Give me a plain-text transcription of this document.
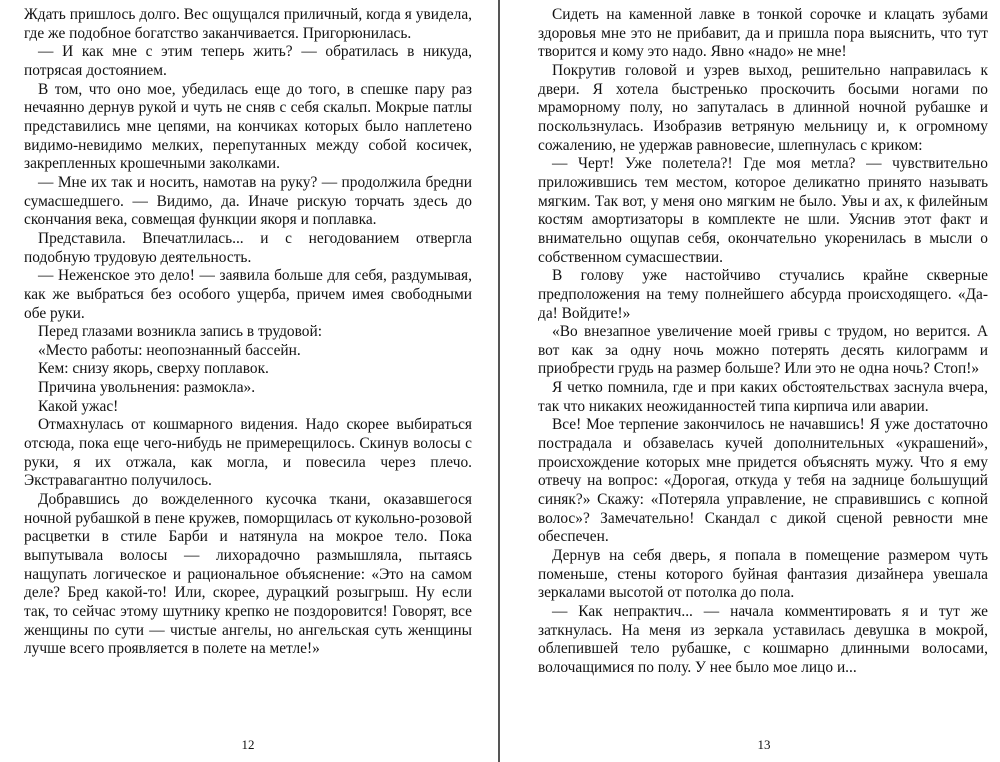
Ждать пришлось долго. Вес ощущался приличный, когда я увидела, где же подобное богатство заканчивается. Пригорюнилась.

— И как мне с этим теперь жить? — обратилась в никуда, потрясая достоянием.

В том, что оно мое, убедилась еще до того, в спешке пару раз нечаянно дернув рукой и чуть не сняв с себя скальп. Мокрые патлы представились мне цепями, на кончиках которых было наплетено видимо-невидимо мелких, перепутанных между собой косичек, закрепленных крошечными заколками.

— Мне их так и носить, намотав на руку? — продолжила бредни сумасшедшего. — Видимо, да. Иначе рискую торчать здесь до скончания века, совмещая функции якоря и поплавка.

Представила. Впечатлилась... и с негодованием отвергла подобную трудовую деятельность.

— Неженское это дело! — заявила больше для себя, раздумывая, как же выбраться без особого ущерба, причем имея свободными обе руки.

Перед глазами возникла запись в трудовой:

«Место работы: неопознанный бассейн.

Кем: снизу якорь, сверху поплавок.

Причина увольнения: размокла».

Какой ужас!

Отмахнулась от кошмарного видения. Надо скорее выбираться отсюда, пока еще чего-нибудь не примерещилось. Скинув волосы с руки, я их отжала, как могла, и повесила через плечо. Экстравагантно получилось.

Добравшись до вожделенного кусочка ткани, оказавшегося ночной рубашкой в пене кружев, поморщилась от кукольно-розовой расцветки в стиле Барби и натянула на мокрое тело. Пока выпутывала волосы — лихорадочно размышляла, пытаясь нащупать логическое и рациональное объяснение: «Это на самом деле? Бред какой-то! Или, скорее, дурацкий розыгрыш. Ну если так, то сейчас этому шутнику крепко не поздоровится! Говорят, все женщины по сути — чистые ангелы, но ангельская суть женщины лучше всего проявляется в полете на метле!»

12

Сидеть на каменной лавке в тонкой сорочке и клацать зубами здоровья мне это не прибавит, да и пришла пора выяснить, что тут творится и кому это надо. Явно «надо» не мне!

Покрутив головой и узрев выход, решительно направилась к двери. Я хотела быстренько проскочить босыми ногами по мраморному полу, но запуталась в длинной ночной рубашке и поскользнулась. Изобразив ветряную мельницу и, к огромному сожалению, не удержав равновесие, шлепнулась с криком:

— Черт! Уже полетела?! Где моя метла? — чувствительно приложившись тем местом, которое деликатно принято называть мягким. Так вот, у меня оно мягким не было. Увы и ах, к филейным костям амортизаторы в комплекте не шли. Уяснив этот факт и внимательно ощупав себя, окончательно укоренилась в мысли о собственном сумасшествии.

В голову уже настойчиво стучались крайне скверные предположения на тему полнейшего абсурда происходящего. «Да-да! Войдите!»

«Во внезапное увеличение моей гривы с трудом, но верится. А вот как за одну ночь можно потерять десять килограмм и приобрести грудь на размер больше? Или это не одна ночь? Стоп!»

Я четко помнила, где и при каких обстоятельствах заснула вчера, так что никаких неожиданностей типа кирпича или аварии.

Все! Мое терпение закончилось не начавшись! Я уже достаточно пострадала и обзавелась кучей дополнительных «украшений», происхождение которых мне придется объяснять мужу. Что я ему отвечу на вопрос: «Дорогая, откуда у тебя на заднице большущий синяк?» Скажу: «Потеряла управление, не справившись с копной волос»? Замечательно! Скандал с дикой сценой ревности мне обеспечен.

Дернув на себя дверь, я попала в помещение размером чуть поменьше, стены которого буйная фантазия дизайнера увешала зеркалами высотой от потолка до пола.

— Как непрактич... — начала комментировать я и тут же заткнулась. На меня из зеркала уставилась девушка в мокрой, облепившей тело рубашке, с кошмарно длинными волосами, волочащимися по полу. У нее было мое лицо и...

13
